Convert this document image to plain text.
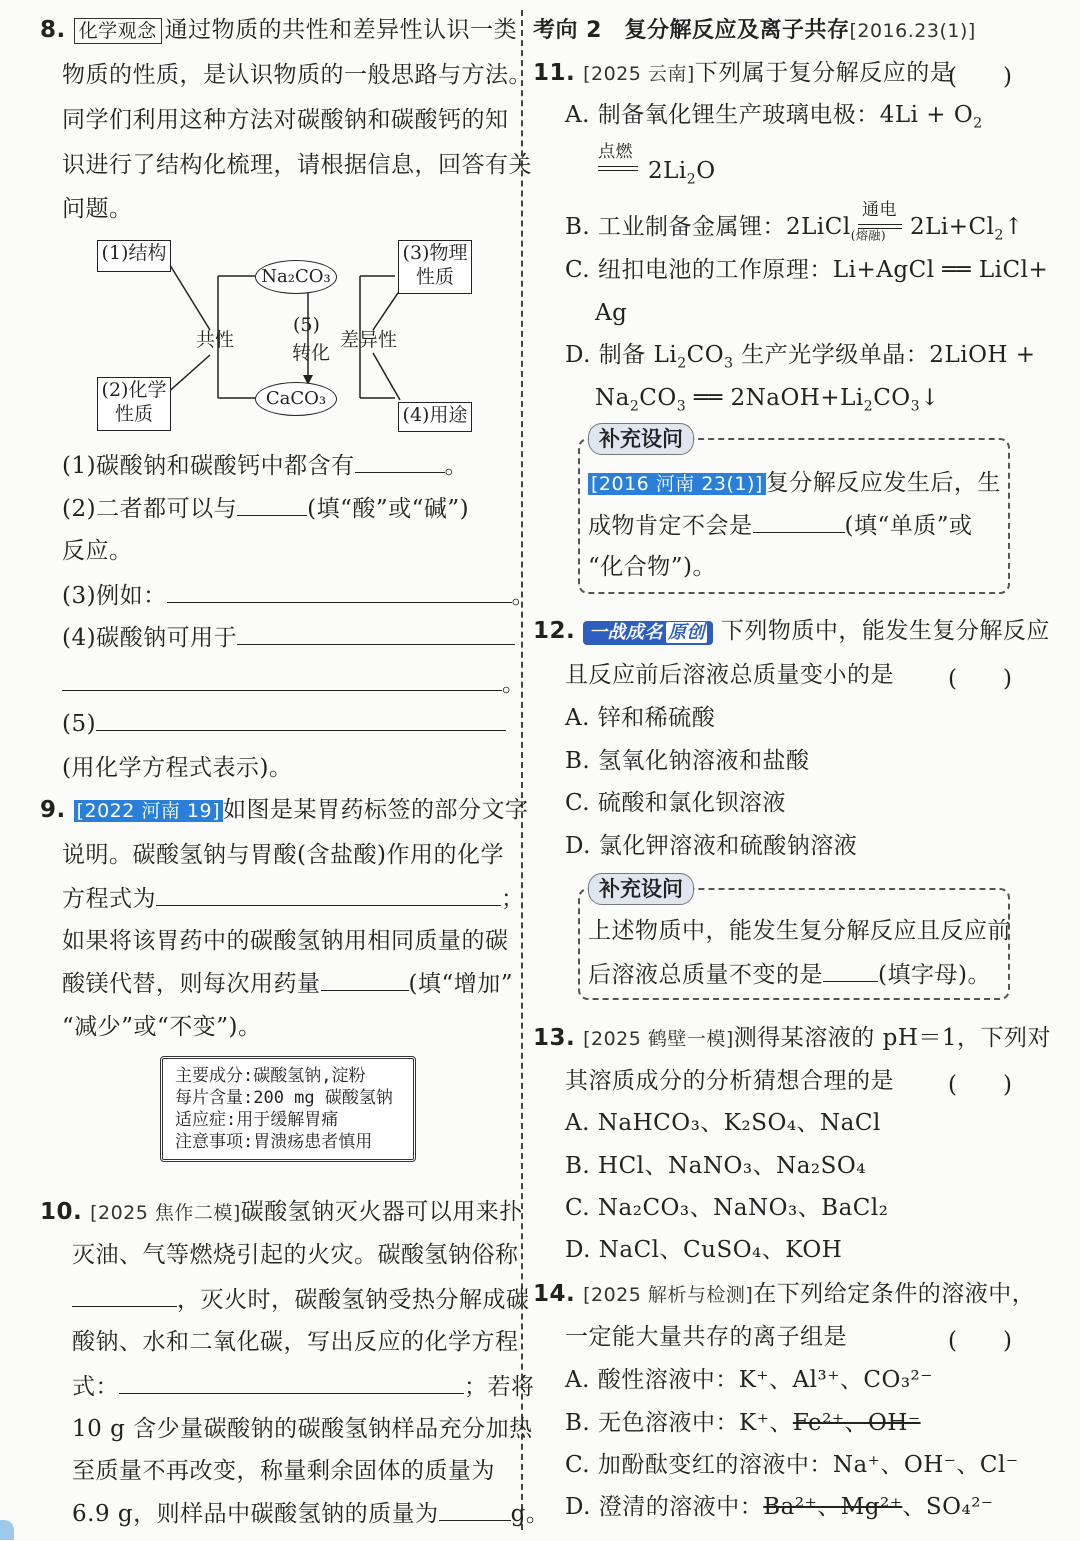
8. 化学观念 通过物质的共性和差异性认识一类
物质的性质，是认识物质的一般思路与方法。
同学们利用这种方法对碳酸钠和碳酸钙的知
识进行了结构化梳理，请根据信息，回答有关
问题。
(1)结构
(2)化学性质
(3)物理性质
(4)用途
Na₂CO₃
CaCO₃
共性	差异性
(5)
转化
(1)碳酸钠和碳酸钙中都含有	。
(2)二者都可以与	(填“酸”或“碱”)
反应。
(3)例如：	。
(4)碳酸钠可用于
。
(5)
(用化学方程式表示)。
9. [2022 河南 19] 如图是某胃药标签的部分文字
说明。碳酸氢钠与胃酸(含盐酸)作用的化学
方程式为	；
如果将该胃药中的碳酸氢钠用相同质量的碳
酸镁代替，则每次用药量	(填“增加”
“减少”或“不变”)。
主要成分:碳酸氢钠,淀粉
每片含量:200 mg 碳酸氢钠
适应症:用于缓解胃痛
注意事项:胃溃疡患者慎用
10. [2025 焦作二模]碳酸氢钠灭火器可以用来扑
灭油、气等燃烧引起的火灾。碳酸氢钠俗称
，灭火时，碳酸氢钠受热分解成碳
酸钠、水和二氧化碳，写出反应的化学方程
式：	；若将
10 g 含少量碳酸钠的碳酸氢钠样品充分加热
至质量不再改变，称量剩余固体的质量为
6.9 g，则样品中碳酸氢钠的质量为	g。
考向 2　复分解反应及离子共存[2016.23(1)]
11. [2025 云南]下列属于复分解反应的是
(　　)
A. 制备氧化锂生产玻璃电极：$4Li + O_2$
点燃
$2Li_2O$
B. 工业制备金属锂：2LiCl$_{(熔融)}$
通电
$2Li+Cl_2↑$
C. 纽扣电池的工作原理：Li+AgCl ══ LiCl+
Ag
D. 制备 $Li_2CO_3$ 生产光学级单晶：2LiOH +
$Na_2CO_3$ ══ $2NaOH+Li_2CO_3↓$
补充设问
[2016 河南 23(1)] 复分解反应发生后，生
成物肯定不会是	(填“单质”或
“化合物”)。
12. 一战成名 原创 下列物质中，能发生复分解反应
且反应前后溶液总质量变小的是 (　　)
A. 锌和稀硫酸
B. 氢氧化钠溶液和盐酸
C. 硫酸和氯化钡溶液
D. 氯化钾溶液和硫酸钠溶液
补充设问
上述物质中，能发生复分解反应且反应前
后溶液总质量不变的是 (填字母)。
13. [2025 鹤壁一模]测得某溶液的 pH＝1，下列对
其溶质成分的分析猜想合理的是 (　　)
A. NaHCO₃、K₂SO₄、NaCl
B. HCl、NaNO₃、Na₂SO₄
C. Na₂CO₃、NaNO₃、BaCl₂
D. NaCl、CuSO₄、KOH
14. [2025 解析与检测]在下列给定条件的溶液中，
一定能大量共存的离子组是	(　　)
A. 酸性溶液中：K⁺、Al³⁺、CO₃²⁻
B. 无色溶液中：K⁺、Fe²⁺、OH⁻
C. 加酚酞变红的溶液中：Na⁺、OH⁻、Cl⁻
D. 澄清的溶液中：Ba²⁺、Mg²⁺、SO₄²⁻
